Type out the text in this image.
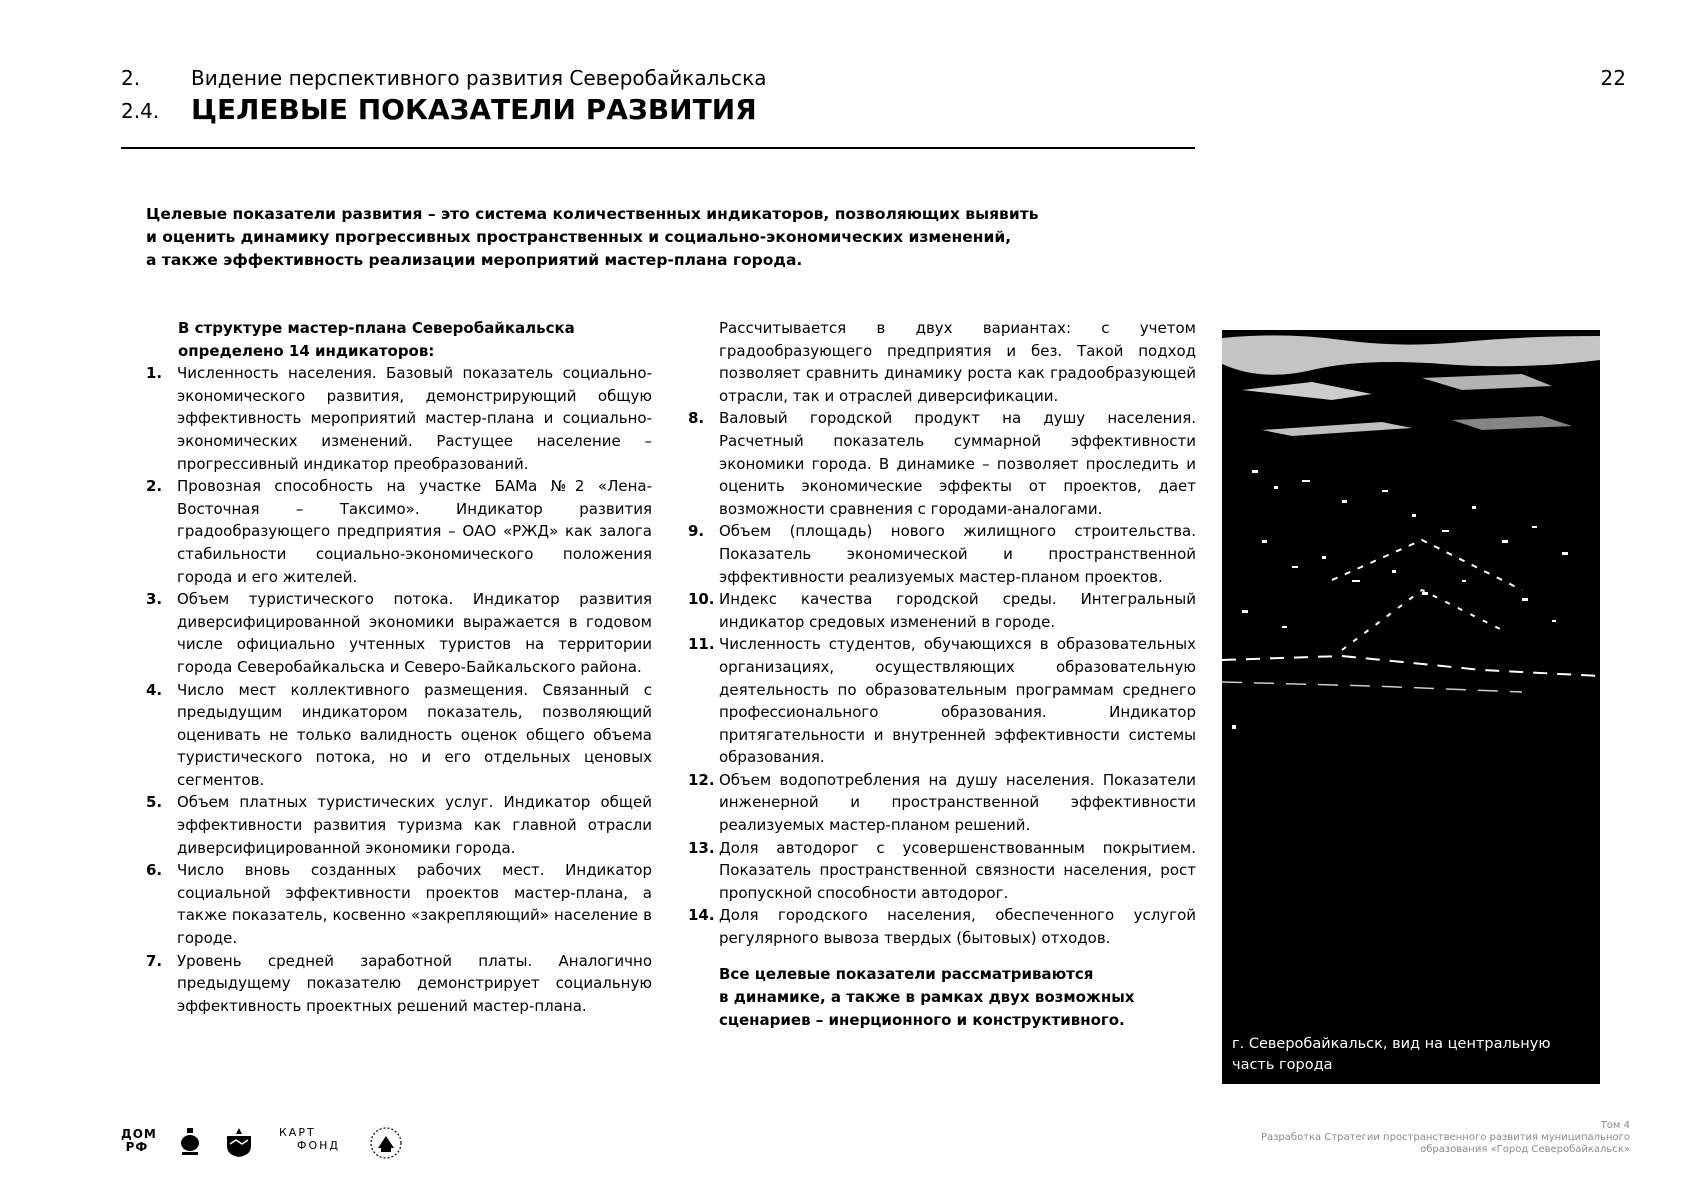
2.	Видение перспективного развития Северобайкальска
2.4. ЦЕЛЕВЫЕ ПОКАЗАТЕЛИ РАЗВИТИЯ
22
Целевые показатели развития – это система количественных индикаторов, позволяющих выявить
и оценить динамику прогрессивных пространственных и социально-экономических изменений,
а также эффективность реализации мероприятий мастер-плана города.
В структуре мастер-плана Северобайкальска
определено 14 индикаторов:
1. Численность населения. Базовый показатель социально-экономического развития, демонстрирующий общую эффективность мероприятий мастер-плана и социально-экономических изменений. Растущее население – прогрессивный индикатор преобразований.
2. Провозная способность на участке БАМа №2 «Лена-Восточная – Таксимо». Индикатор развития градообразующего предприятия – ОАО «РЖД» как залога стабильности социально-экономического положения города и его жителей.
3. Объем туристического потока. Индикатор развития диверсифицированной экономики выражается в годовом числе официально учтенных туристов на территории города Северобайкальска и Северо-Байкальского района.
4. Число мест коллективного размещения. Связанный с предыдущим индикатором показатель, позволяющий оценивать не только валидность оценок общего объема туристического потока, но и его отдельных ценовых сегментов.
5. Объем платных туристических услуг. Индикатор общей эффективности развития туризма как главной отрасли диверсифицированной экономики города.
6. Число вновь созданных рабочих мест. Индикатор социальной эффективности проектов мастер-плана, а также показатель, косвенно «закрепляющий» население в городе.
7. Уровень средней заработной платы. Аналогично предыдущему показателю демонстрирует социальную эффективность проектных решений мастер-плана.
Рассчитывается в двух вариантах: с учетом градообразующего предприятия и без. Такой подход позволяет сравнить динамику роста как градообразующей отрасли, так и отраслей диверсификации.
8. Валовый городской продукт на душу населения. Расчетный показатель суммарной эффективности экономики города. В динамике – позволяет проследить и оценить экономические эффекты от проектов, дает возможности сравнения с городами-аналогами.
9. Объем (площадь) нового жилищного строительства. Показатель экономической и пространственной эффективности реализуемых мастер-планом проектов.
10. Индекс качества городской среды. Интегральный индикатор средовых изменений в городе.
11. Численность студентов, обучающихся в образовательных организациях, осуществляющих образовательную деятельность по образовательным программам среднего профессионального образования. Индикатор притягательности и внутренней эффективности системы образования.
12. Объем водопотребления на душу населения. Показатели инженерной и пространственной эффективности реализуемых мастер-планом решений.
13. Доля автодорог с усовершенствованным покрытием. Показатель пространственной связности населения, рост пропускной способности автодорог.
14. Доля городского населения, обеспеченного услугой регулярного вывоза твердых (бытовых) отходов.
Все целевые показатели рассматриваются
в динамике, а также в рамках двух возможных
сценариев – инерционного и конструктивного.
г. Северобайкальск, вид на центральную
часть города
ДОМ
РФ
КАРТ
ФОНД
Том 4
Разработка Стратегии пространственного развития муниципального
образования «Город Северобайкальск»
